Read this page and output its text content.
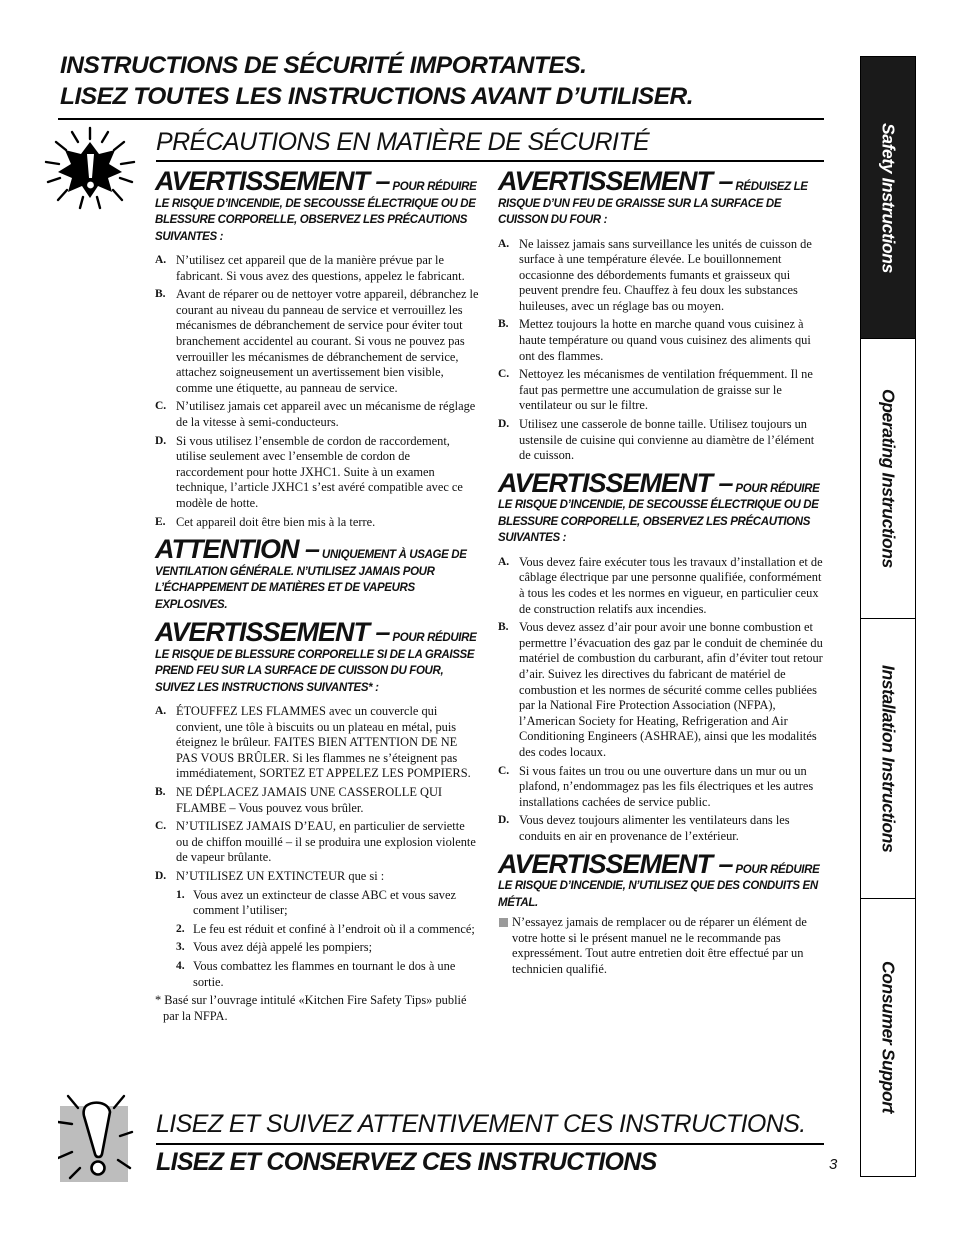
INSTRUCTIONS DE SÉCURITÉ IMPORTANTES.
LISEZ TOUTES LES INSTRUCTIONS AVANT D’UTILISER.
PRÉCAUTIONS EN MATIÈRE DE SÉCURITÉ
AVERTISSEMENT – POUR RÉDUIRE LE RISQUE D’INCENDIE, DE SECOUSSE ÉLECTRIQUE OU DE BLESSURE CORPORELLE, OBSERVEZ LES PRÉCAUTIONS SUIVANTES :
A. N’utilisez cet appareil que de la manière prévue par le fabricant. Si vous avez des questions, appelez le fabricant.
B. Avant de réparer ou de nettoyer votre appareil, débranchez le courant au niveau du panneau de service et verrouillez les mécanismes de débranchement de service pour éviter tout branchement accidentel au courant. Si vous ne pouvez pas verrouiller les mécanismes de débranchement de service, attachez soigneusement un avertissement bien visible, comme une étiquette, au panneau de service.
C. N’utilisez jamais cet appareil avec un mécanisme de réglage de la vitesse à semi-conducteurs.
D. Si vous utilisez l’ensemble de cordon de raccordement, utilise seulement avec l’ensemble de cordon de raccordement pour hotte JXHC1. Suite à un examen technique, l’article JXHC1 s’est avéré compatible avec ce modèle de hotte.
E. Cet appareil doit être bien mis à la terre.
ATTENTION – UNIQUEMENT À USAGE DE VENTILATION GÉNÉRALE. N’UTILISEZ JAMAIS POUR L’ÉCHAPPEMENT DE MATIÈRES ET DE VAPEURS EXPLOSIVES.
AVERTISSEMENT – POUR RÉDUIRE LE RISQUE DE BLESSURE CORPORELLE SI DE LA GRAISSE PREND FEU SUR LA SURFACE DE CUISSON DU FOUR, SUIVEZ LES INSTRUCTIONS SUIVANTES* :
A. ÉTOUFFEZ LES FLAMMES avec un couvercle qui convient, une tôle à biscuits ou un plateau en métal, puis éteignez le brûleur. FAITES BIEN ATTENTION DE NE PAS VOUS BRÛLER. Si les flammes ne s’éteignent pas immédiatement, SORTEZ ET APPELEZ LES POMPIERS.
B. NE DÉPLACEZ JAMAIS UNE CASSEROLLE QUI FLAMBE – Vous pouvez vous brûler.
C. N’UTILISEZ JAMAIS D’EAU, en particulier de serviette ou de chiffon mouillé – il se produira une explosion violente de vapeur brûlante.
D. N’UTILISEZ UN EXTINCTEUR que si :
1. Vous avez un extincteur de classe ABC et vous savez comment l’utiliser;
2. Le feu est réduit et confiné à l’endroit où il a commencé;
3. Vous avez déjà appelé les pompiers;
4. Vous combattez les flammes en tournant le dos à une sortie.
* Basé sur l’ouvrage intitulé «Kitchen Fire Safety Tips» publié par la NFPA.
AVERTISSEMENT – RÉDUISEZ LE RISQUE D’UN FEU DE GRAISSE SUR LA SURFACE DE CUISSON DU FOUR :
A. Ne laissez jamais sans surveillance les unités de cuisson de surface à une température élevée. Le bouillonnement occasionne des débordements fumants et graisseux qui peuvent prendre feu. Chauffez à feu doux les substances huileuses, avec un réglage bas ou moyen.
B. Mettez toujours la hotte en marche quand vous cuisinez à haute température ou quand vous cuisinez des aliments qui ont des flammes.
C. Nettoyez les mécanismes de ventilation fréquemment. Il ne faut pas permettre une accumulation de graisse sur le ventilateur ou sur le filtre.
D. Utilisez une casserole de bonne taille. Utilisez toujours un ustensile de cuisine qui convienne au diamètre de l’élément de cuisson.
AVERTISSEMENT – POUR RÉDUIRE LE RISQUE D’INCENDIE, DE SECOUSSE ÉLECTRIQUE OU DE BLESSURE CORPORELLE, OBSERVEZ LES PRÉCAUTIONS SUIVANTES :
A. Vous devez faire exécuter tous les travaux d’installation et de câblage électrique par une personne qualifiée, conformément à tous les codes et les normes en vigueur, en particulier ceux de construction relatifs aux incendies.
B. Vous devez assez d’air pour avoir une bonne combustion et permettre l’évacuation des gaz par le conduit de cheminée du matériel de combustion du carburant, afin d’éviter tout retour d’air. Suivez les directives du fabricant de matériel de combustion et les normes de sécurité comme celles publiées par la National Fire Protection Association (NFPA), l’American Society for Heating, Refrigeration and Air Conditioning Engineers (ASHRAE), ainsi que les modalités des codes locaux.
C. Si vous faites un trou ou une ouverture dans un mur ou un plafond, n’endommagez pas les fils électriques et les autres installations cachées de service public.
D. Vous devez toujours alimenter les ventilateurs dans les conduits en air en provenance de l’extérieur.
AVERTISSEMENT – POUR RÉDUIRE LE RISQUE D’INCENDIE, N’UTILISEZ QUE DES CONDUITS EN MÉTAL.
N’essayez jamais de remplacer ou de réparer un élément de votre hotte si le présent manuel ne le recommande pas expressément. Tout autre entretien doit être effectué par un technicien qualifié.
LISEZ ET SUIVEZ ATTENTIVEMENT CES INSTRUCTIONS.
LISEZ ET CONSERVEZ CES INSTRUCTIONS	3
Safety Instructions
Operating Instructions
Installation Instructions
Consumer Support
